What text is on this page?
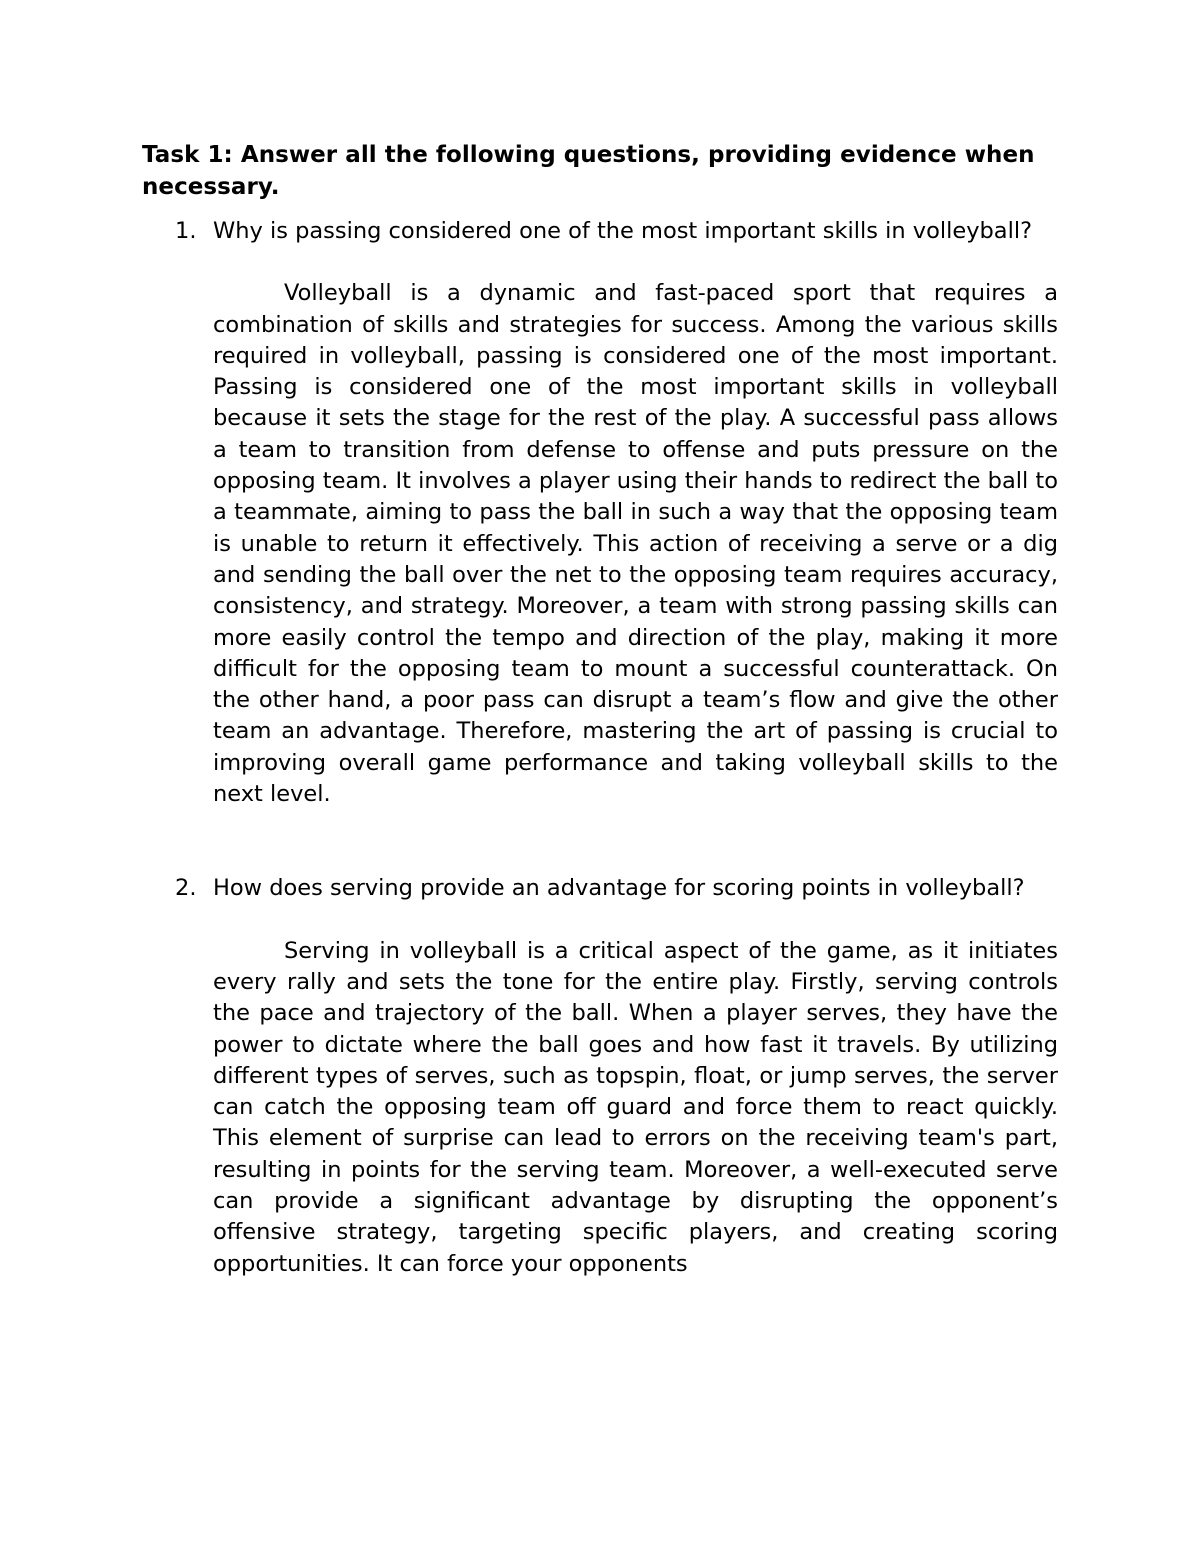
Task 1: Answer all the following questions, providing evidence when necessary.

1. Why is passing considered one of the most important skills in volleyball?

Volleyball is a dynamic and fast-paced sport that requires a combination of skills and strategies for success. Among the various skills required in volleyball, passing is considered one of the most important. Passing is considered one of the most important skills in volleyball because it sets the stage for the rest of the play. A successful pass allows a team to transition from defense to offense and puts pressure on the opposing team. It involves a player using their hands to redirect the ball to a teammate, aiming to pass the ball in such a way that the opposing team is unable to return it effectively. This action of receiving a serve or a dig and sending the ball over the net to the opposing team requires accuracy, consistency, and strategy. Moreover, a team with strong passing skills can more easily control the tempo and direction of the play, making it more difficult for the opposing team to mount a successful counterattack. On the other hand, a poor pass can disrupt a team’s flow and give the other team an advantage. Therefore, mastering the art of passing is crucial to improving overall game performance and taking volleyball skills to the next level.

2. How does serving provide an advantage for scoring points in volleyball?

Serving in volleyball is a critical aspect of the game, as it initiates every rally and sets the tone for the entire play. Firstly, serving controls the pace and trajectory of the ball. When a player serves, they have the power to dictate where the ball goes and how fast it travels. By utilizing different types of serves, such as topspin, float, or jump serves, the server can catch the opposing team off guard and force them to react quickly. This element of surprise can lead to errors on the receiving team's part, resulting in points for the serving team. Moreover, a well-executed serve can provide a significant advantage by disrupting the opponent’s offensive strategy, targeting specific players, and creating scoring opportunities. It can force your opponents
